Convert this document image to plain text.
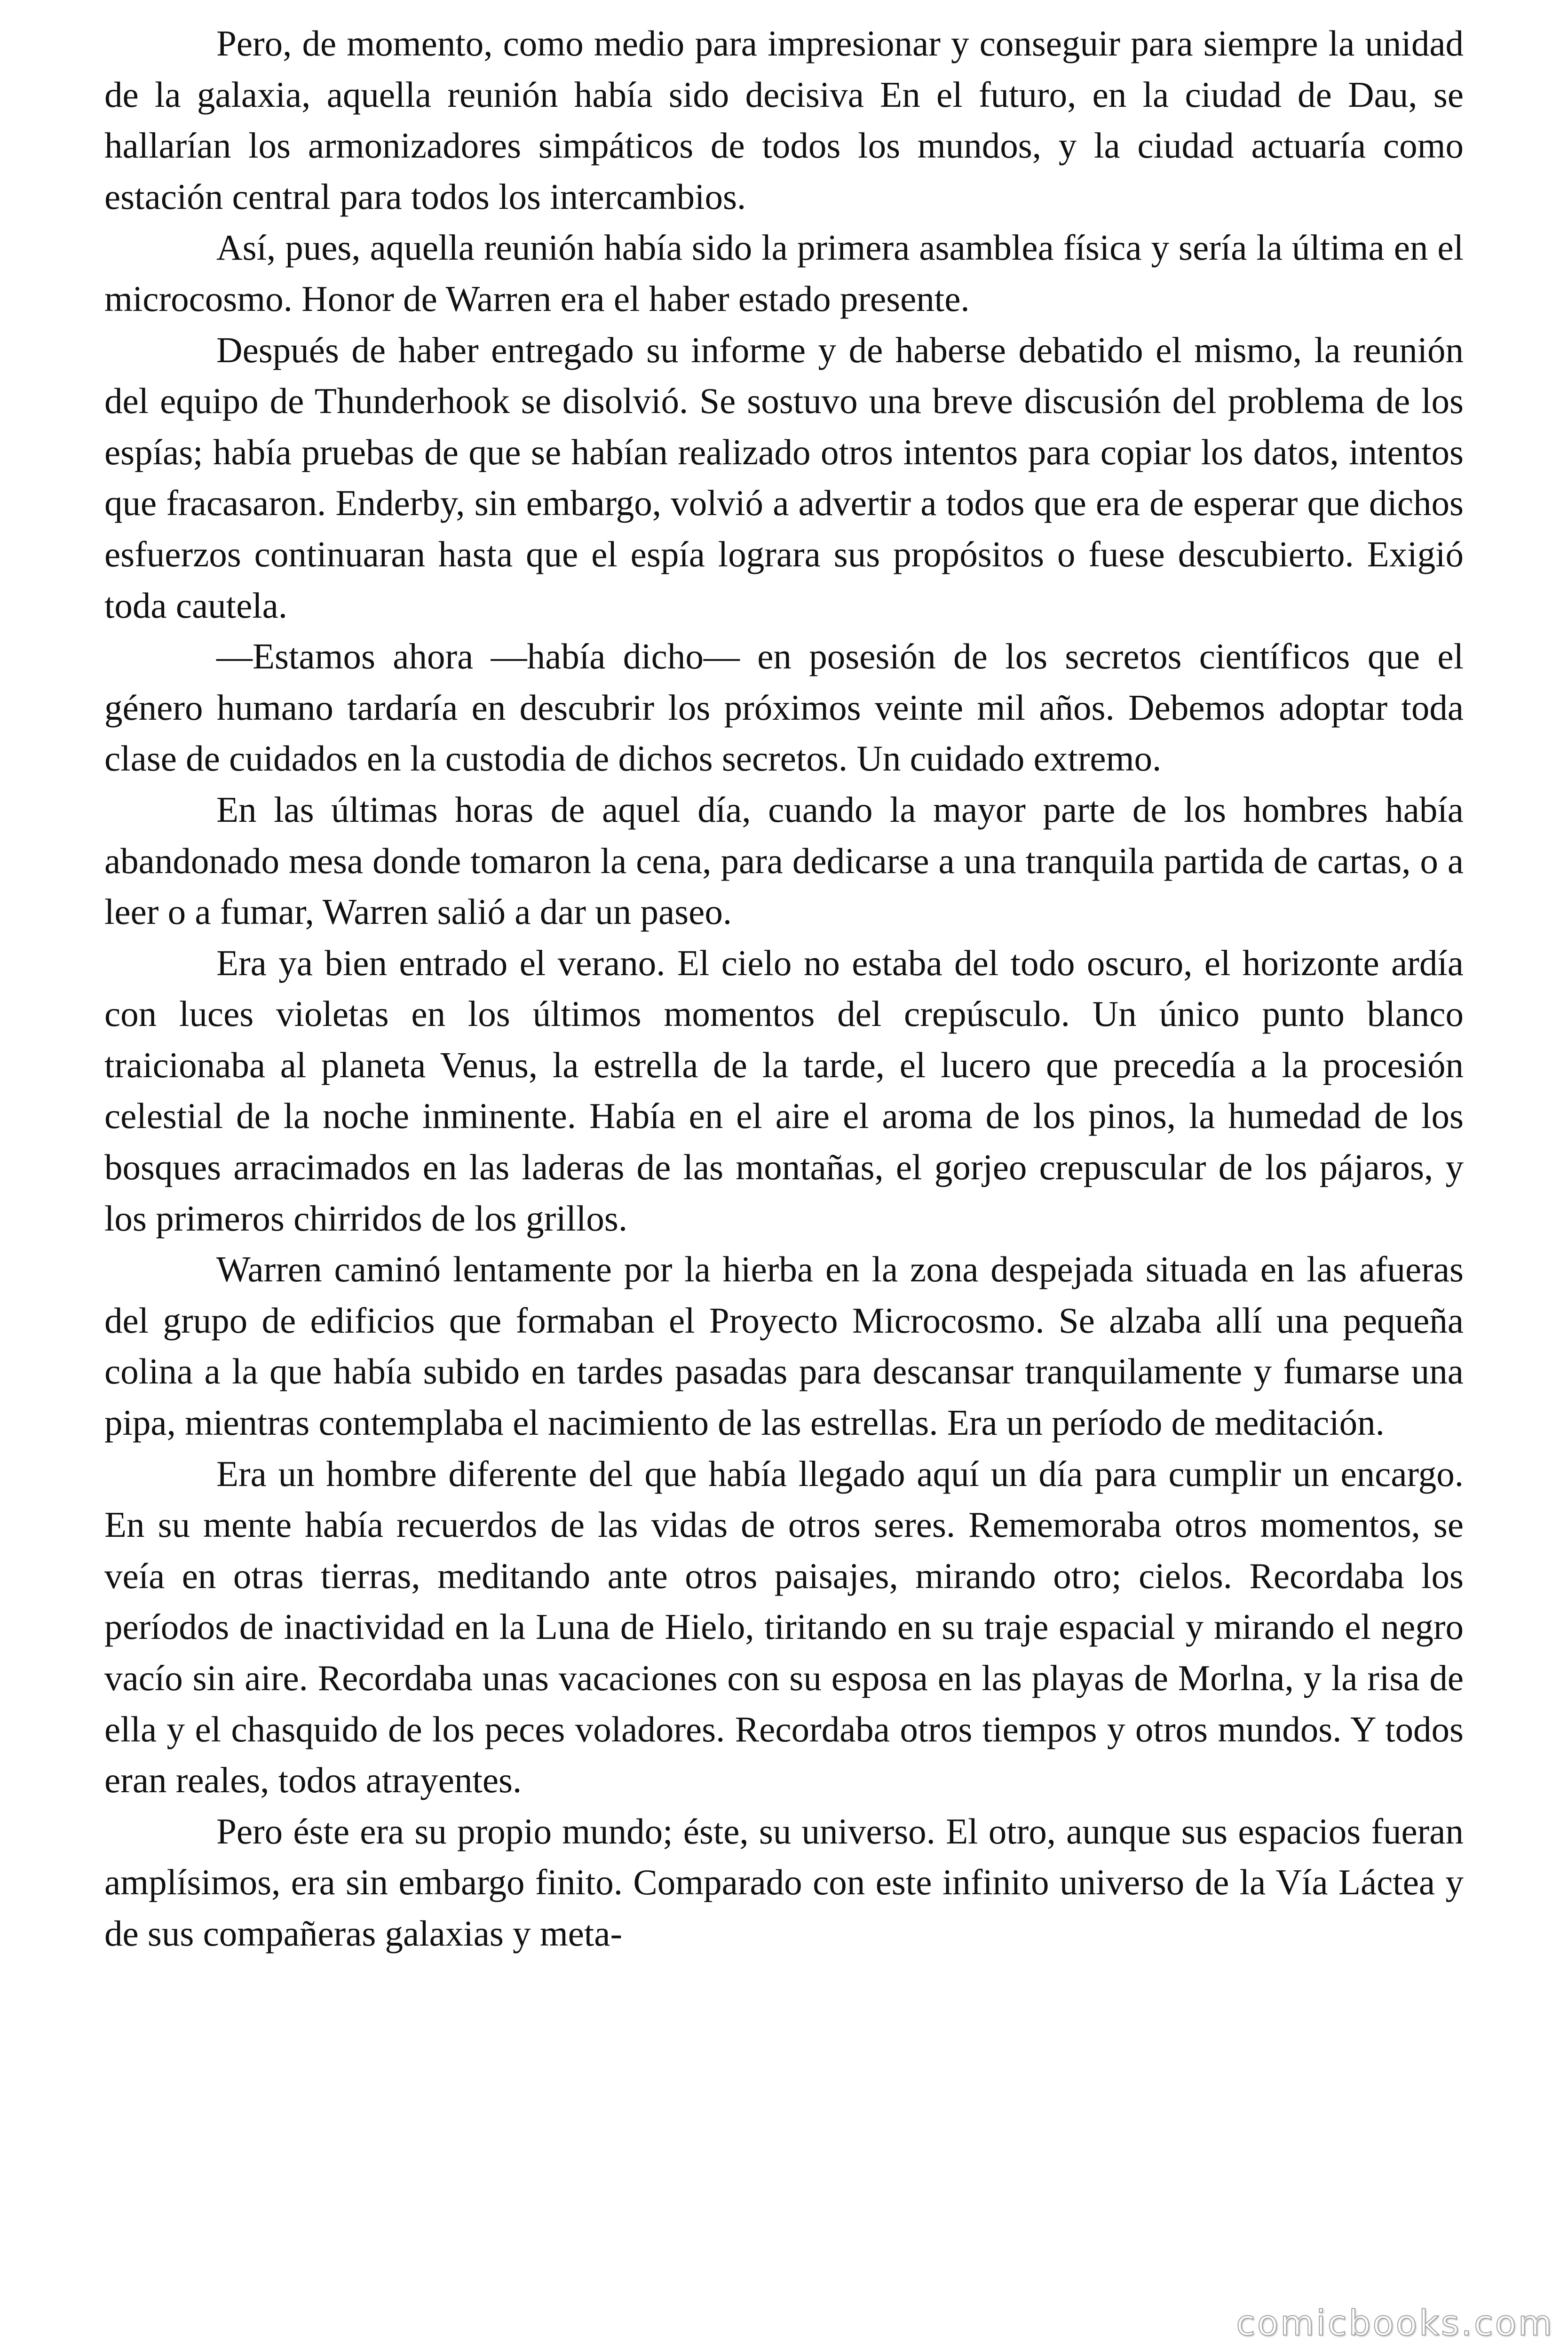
Pero, de momento, como medio para impresionar y conseguir para siempre la unidad de la galaxia, aquella reunión había sido decisiva En el futuro, en la ciudad de Dau, se hallarían los armonizadores simpáticos de todos los mundos, y la ciudad actuaría como estación central para todos los intercambios.

Así, pues, aquella reunión había sido la primera asamblea física y sería la última en el microcosmo. Honor de Warren era el haber estado presente.

Después de haber entregado su informe y de haberse debatido el mismo, la reunión del equipo de Thunderhook se disolvió. Se sostuvo una breve discusión del problema de los espías; había pruebas de que se habían realizado otros intentos para copiar los datos, intentos que fracasaron. Enderby, sin embargo, volvió a advertir a todos que era de esperar que dichos esfuerzos continuaran hasta que el espía lograra sus propósitos o fuese descubierto. Exigió toda cautela.

—Estamos ahora —había dicho— en posesión de los secretos científicos que el género humano tardaría en descubrir los próximos veinte mil años. Debemos adoptar toda clase de cuidados en la custodia de dichos secretos. Un cuidado extremo.

En las últimas horas de aquel día, cuando la mayor parte de los hombres había abandonado mesa donde tomaron la cena, para dedicarse a una tranquila partida de cartas, o a leer o a fumar, Warren salió a dar un paseo.

Era ya bien entrado el verano. El cielo no estaba del todo oscuro, el horizonte ardía con luces violetas en los últimos momentos del crepúsculo. Un único punto blanco traicionaba al planeta Venus, la estrella de la tarde, el lucero que precedía a la procesión celestial de la noche inminente. Había en el aire el aroma de los pinos, la humedad de los bosques arracimados en las laderas de las montañas, el gorjeo crepuscular de los pájaros, y los primeros chirridos de los grillos.

Warren caminó lentamente por la hierba en la zona despejada situada en las afueras del grupo de edificios que formaban el Proyecto Microcosmo. Se alzaba allí una pequeña colina a la que había subido en tardes pasadas para descansar tranquilamente y fumarse una pipa, mientras contemplaba el nacimiento de las estrellas. Era un período de meditación.

Era un hombre diferente del que había llegado aquí un día para cumplir un encargo. En su mente había recuerdos de las vidas de otros seres. Rememoraba otros momentos, se veía en otras tierras, meditando ante otros paisajes, mirando otro; cielos. Recordaba los períodos de inactividad en la Luna de Hielo, tiritando en su traje espacial y mirando el negro vacío sin aire. Recordaba unas vacaciones con su esposa en las playas de Morlna, y la risa de ella y el chasquido de los peces voladores. Recordaba otros tiempos y otros mundos. Y todos eran reales, todos atrayentes.

Pero éste era su propio mundo; éste, su universo. El otro, aunque sus espacios fueran amplísimos, era sin embargo finito. Comparado con este infinito universo de la Vía Láctea y de sus compañeras galaxias y meta-

comicbooks.com
